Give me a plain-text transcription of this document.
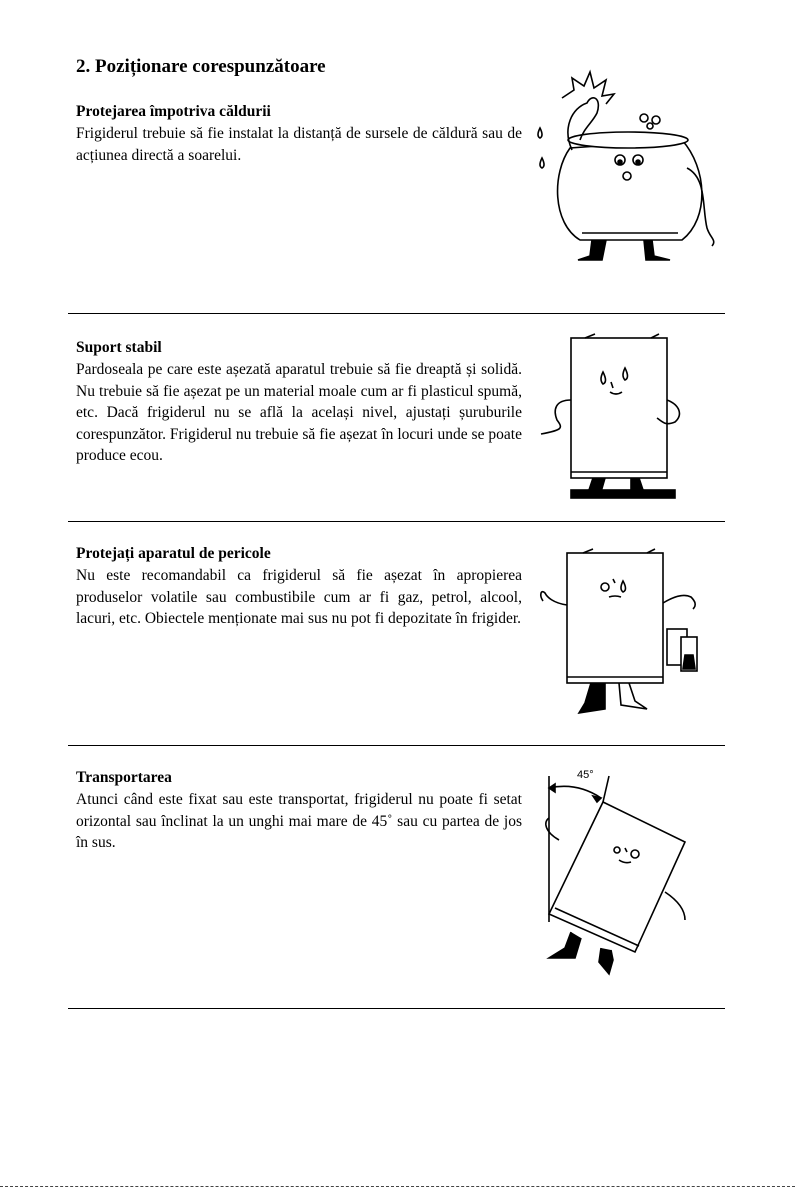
2. Poziționare corespunzătoare
Protejarea împotriva căldurii

Frigiderul trebuie să fie instalat la distanță de sursele de căldură sau de acțiunea directă a soarelui.

Suport stabil

Pardoseala pe care este așezată aparatul trebuie să fie dreaptă și solidă. Nu trebuie să fie așezat pe un material moale cum ar fi plasticul spumă, etc. Dacă frigiderul nu se află la același nivel, ajustați șuruburile corespunzător. Frigiderul nu trebuie să fie așezat în locuri unde se poate produce ecou.

Protejați aparatul de pericole

Nu este recomandabil ca frigiderul să fie așezat în apropierea produselor volatile sau combustibile cum ar fi gaz, petrol, alcool, lacuri, etc. Obiectele menționate mai sus nu pot fi depozitate în frigider.

Transportarea

Atunci când este fixat sau este transportat, frigiderul nu poate fi setat orizontal sau înclinat la un unghi mai mare de 45˚ sau cu partea de jos în sus.

45°
